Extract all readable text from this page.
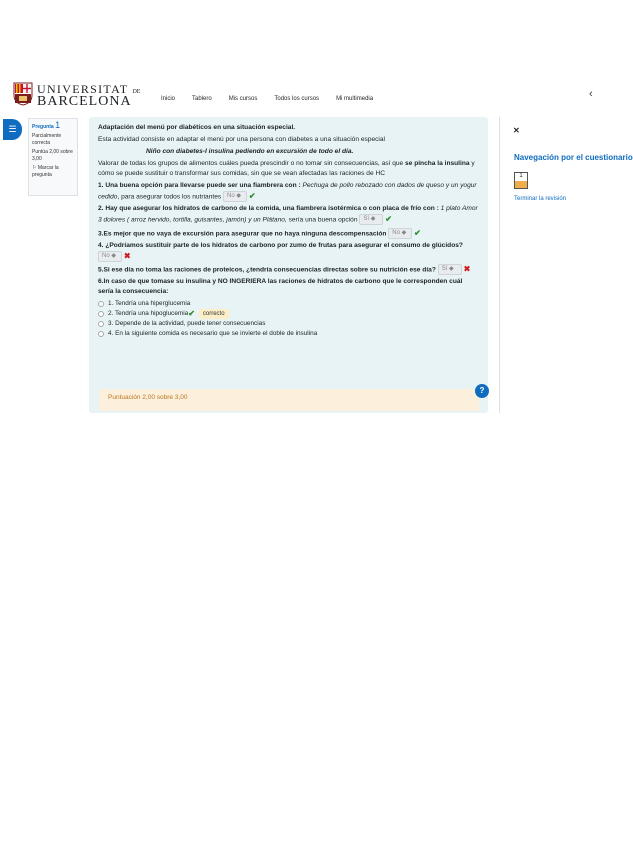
UNIVERSITAT DE
BARCELONA	Inicio	Tablero	Mis cursos	Todos los cursos	Mi multimedia	‹
☰	Pregunta 1
Parcialmente correcta
Puntúa 2,00 sobre 3,00
⚐ Marcar la pregunta

Adaptación del menú por diabéticos en una situación especial.

Esta actividad consiste en adaptar el menú por una persona con diabetes a una situación especial

Niño con diabetes-I insulina pediendo en excursión de todo el día.

Valorar de todas los grupos de alimentos cuáles pueda prescindir o no tomar sin consecuencias, así que se pincha la insulina y cómo se puede sustituir o transformar sus comidas, sin que se vean afectadas las raciones de HC

1. Una buena opción para llevarse puede ser una fiambrera con : Pechuga de pollo rebozado con dados de queso y un yogur cedido, para asegurar todos los nutriantes No ◆ ✔

2. Hay que asegurar los hidratos de carbono de la comida, una fiambrera isotérmica o con placa de frío con : 1 plato Amor 3 dolores ( arroz hervido, tortilla, guisantes, jamón) y un Plátano, sería una buena opción Sí ◆ ✔

3.Es mejor que no vaya de excursión para asegurar que no haya ninguna descompensación No ◆ ✔

4. ¿Podríamos sustituir parte de los hidratos de carbono por zumo de frutas para asegurar el consumo de glúcidos?
No ◆ ✖

5.Si ese día no toma las raciones de proteicos, ¿tendría consecuencias directas sobre su nutrición ese día? Sí ◆ ✖

6.In caso de que tomase su insulina y NO INGERIERA las raciones de hidratos de carbono que le corresponden cuál sería la consecuencia:

1. Tendría una hiperglucemia
2. Tendría una hipoglucemia ✔	correcto
3. Depende de la actividad, puede tener consecuencias
4. En la siguiente comida es necesario que se invierte el doble de insulina
Puntuación 2,00 sobre 3,00
?
✕
Navegación por el cuestionario
1
Terminar la revisión
